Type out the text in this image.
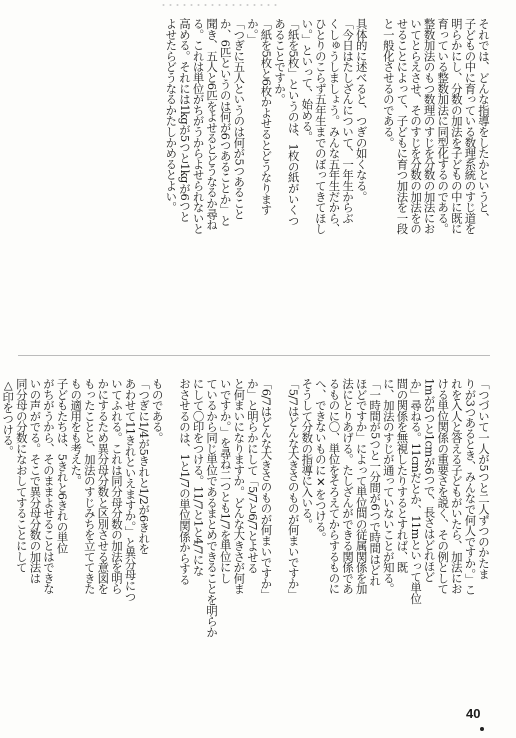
それでは、どんな指導をしたかというと、
子どもの中に育っている数理系統のすじ道を
明らかにし、分数の加法を子どもの中に既に
育っている整数加法に同型化するのである。
整数加法のもつ数理のすじを分数の加法にお
いてとらえさせ、そのすじを分数の加法をの
せることによって、子どもに育つ加法を一段
と一般化させるのである。
具体的に述べると、つぎの如くなる。
「今日はたしざんについて、一年生からぶ
くしゅうしましょう。みんな五年生だから、
ひとりのこらず五年生までのぼってきてほし
い。」といって、始める。
「紙を5枚」というのは、1枚の紙がいくつ
あることですか。
「紙を5枚と6枚かよせるとどうなります
か。」
「つぎに五人というのは何が5つあること
か、6匹というのは何が6つあることか」と
聞き、五人と6匹をよせるとどうなるか尋ね
る。これは単位がちがうからよせられないと
高める。それには1kgが5つと1kgが6つと
よせたらどうなるかたしかめるとよい。
「つづいて一人が5つと二人ずつのかたま
りが3つあるとき、みんなで何人ですか。」こ
れを入人と答える子どもがいたら、加法にお
ける単位関係の重要さを説く、その例として
1mが5つと1cmが6つで、長さはどれほど
か」尋ねる。11cmだとか、11mといって単位
間の関係を無視したりするとすれば、既
に、加法のすじが通っていないことが知る。
「一時間が5つと一分間が6つで時間はどれ
ほどですか」によって単位間の従属関係を加
法にとりあげる。たしざんができる関係であ
るものに〇、単位をそろえてからするものに
へ、できないものに✕をつける。
そうして分数の指導に入いる。
「5/7はどんな大きさのものが何まいですか」
「6/7はどんな大きさのものが何まいですか」
か」と明らかにして「5/7と6/7とよせる
と何まいになりますか。どんな大きさが何ま
いですか。」を尋ね二つとも1/7を単位にし
ているから同じ単位であるまとめできることを明らか
にして〇印をつける。11/7と1と4/7にな
おさせるのは、1と1/7の単位関係からする
ものである。
「つぎに1/4が5きれと1/2が6きれを
あわせて11きれといえますか。」と異分母につ
いてふれる。これは同分母分数の加法を明ら
かにするため異分母分数と区別させる意図を
もったことと、加法のすじみちを立ててきた
もの適用をも考えた。
子どもたちは、5きれと6きれの単位
がちがうから、そのままよせることはできな
いの声がでる。そこで異分母分数の加法は
同分母の分数になおしてすることにして
△印をつける。
40
